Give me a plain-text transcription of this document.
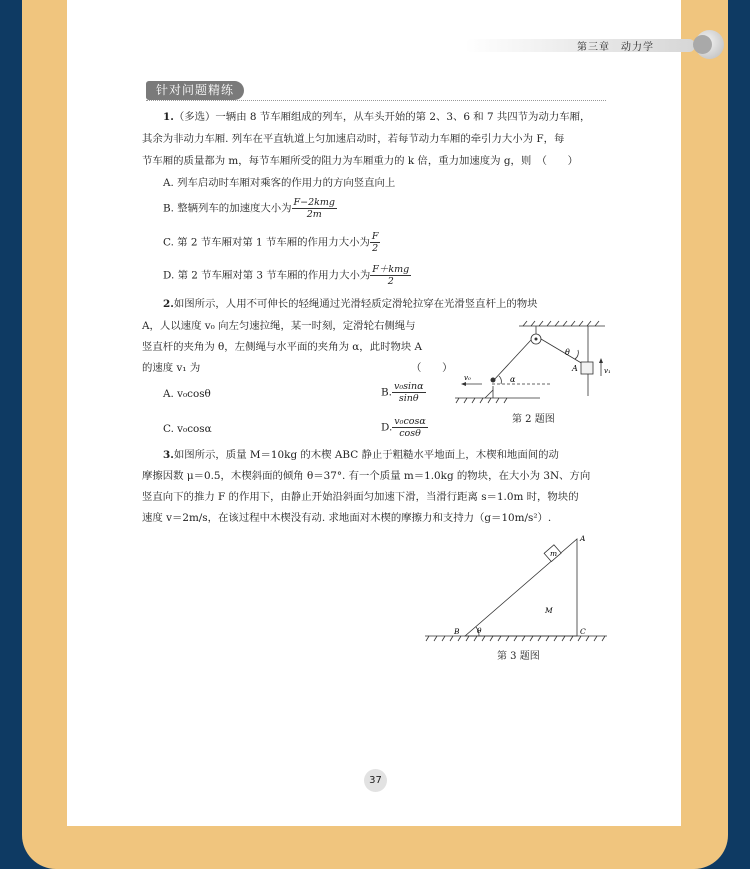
第三章　 动力学
针对问题精练
1.（多选）一辆由 8 节车厢组成的列车，从车头开始的第 2、3、6 和 7 共四节为动力车厢，
其余为非动力车厢. 列车在平直轨道上匀加速启动时，若每节动力车厢的牵引力大小为 F，每
节车厢的质量都为 m，每节车厢所受的阻力为车厢重力的 k 倍，重力加速度为 g，则　（　　）
A. 列车启动时车厢对乘客的作用力的方向竖直向上
B. 整辆列车的加速度大小为 $\frac{\text{F−2kmg}}{2m}$
C. 第 2 节车厢对第 1 节车厢的作用力大小为 $\frac{F}{2}$
D. 第 2 节车厢对第 3 节车厢的作用力大小为 $\frac{\text{F＋kmg}}{2}$
2.如图所示，人用不可伸长的轻绳通过光滑轻质定滑轮拉穿在光滑竖直杆上的物块
A，人以速度 v₀ 向左匀速拉绳，某一时刻，定滑轮右侧绳与
竖直杆的夹角为 θ，左侧绳与水平面的夹角为 α，此时物块 A
的速度 v₁ 为	（　　）
A. v₀cosθ	B. $\frac{\text{v₀sinα}}{\sin\theta}$
C. v₀cosα	D. $\frac{\text{v₀cosα}}{\cos\theta}$
θ
α
A
v₀
v₁
第 2 题图
3.如图所示，质量 M＝10kg 的木楔 ABC 静止于粗糙水平地面上，木楔和地面间的动
摩擦因数 μ＝0.5，木楔斜面的倾角 θ＝37°. 有一个质量 m＝1.0kg 的物块，在大小为 3N、方向
竖直向下的推力 F 的作用下，由静止开始沿斜面匀加速下滑，当滑行距离 s＝1.0m 时，物块的
速度 v＝2m/s，在该过程中木楔没有动. 求地面对木楔的摩擦力和支持力（g＝10m/s²）.
m
A
B	C
M
θ
第 3 题图
37
